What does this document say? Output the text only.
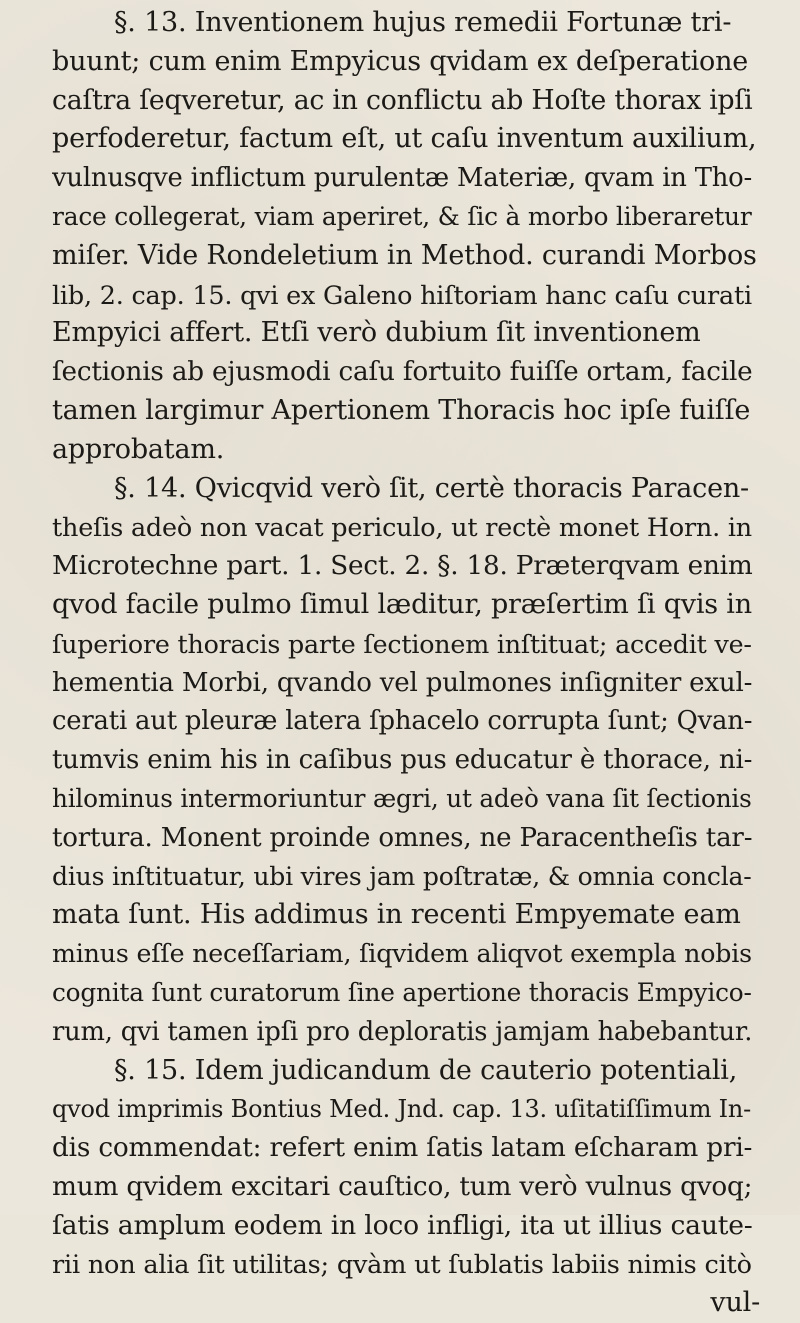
§. 13. Inventionem hujus remedii Fortunæ tri-
buunt; cum enim Empyicus qvidam ex deſperatione
caſtra ſeqveretur, ac in conflictu ab Hoſte thorax ipſi
perfoderetur, factum eſt, ut caſu inventum auxilium,
vulnusqve inflictum purulentæ Materiæ, qvam in Tho-
race collegerat, viam aperiret, & ſic à morbo liberaretur
miſer. Vide Rondeletium in Method. curandi Morbos
lib, 2. cap. 15. qvi ex Galeno hiſtoriam hanc caſu curati
Empyici affert. Etſi verò dubium ſit inventionem
ſectionis ab ejusmodi caſu fortuito fuiſſe ortam, facile
tamen largimur Apertionem Thoracis hoc ipſe fuiſſe
approbatam.
§. 14. Qvicqvid verò ſit, certè thoracis Paracen-
theſis adeò non vacat periculo, ut rectè monet Horn. in
Microtechne part. 1. Sect. 2. §. 18. Præterqvam enim
qvod facile pulmo ſimul læditur, præſertim ſi qvis in
ſuperiore thoracis parte ſectionem inſtituat; accedit ve-
hementia Morbi, qvando vel pulmones inſigniter exul-
cerati aut pleuræ latera ſphacelo corrupta ſunt; Qvan-
tumvis enim his in caſibus pus educatur è thorace, ni-
hilominus intermoriuntur ægri, ut adeò vana ſit ſectionis
tortura. Monent proinde omnes, ne Paracentheſis tar-
dius inſtituatur, ubi vires jam poſtratæ, & omnia concla-
mata ſunt. His addimus in recenti Empyemate eam
minus eſſe neceſſariam, ſiqvidem aliqvot exempla nobis
cognita ſunt curatorum ſine apertione thoracis Empyico-
rum, qvi tamen ipſi pro deploratis jamjam habebantur.
§. 15. Idem judicandum de cauterio potentiali,
qvod imprimis Bontius Med. Jnd. cap. 13. uſitatiſſimum In-
dis commendat: refert enim ſatis latam eſcharam pri-
mum qvidem excitari cauſtico, tum verò vulnus qvoq;
ſatis amplum eodem in loco infligi, ita ut illius caute-
rii non alia ſit utilitas; qvàm ut ſublatis labiis nimis citò
vul-
